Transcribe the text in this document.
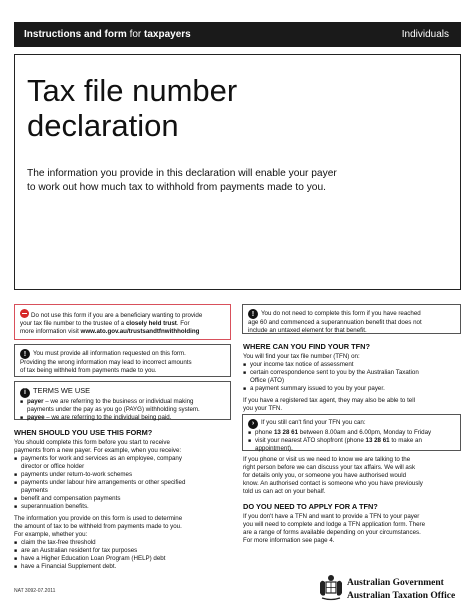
Instructions and form for taxpayers	Individuals
Tax file number
declaration
The information you provide in this declaration will enable your payer
to work out how much tax to withhold from payments made to you.
Do not use this form if you are a beneficiary wanting to provide
your tax file number to the trustee of a closely held trust. For
more information visit www.ato.gov.au/trustsandtfnwithholding
! You must provide all information requested on this form.
Providing the wrong information may lead to incorrect amounts
of tax being withheld from payments made to you.
i TERMS WE USE
■ payer – we are referring to the business or individual making
payments under the pay as you go (PAYG) withholding system.
■ payee – we are referring to the individual being paid.
WHEN SHOULD YOU USE THIS FORM?
You should complete this form before you start to receive
payments from a new payer. For example, when you receive:
■ payments for work and services as an employee, company
director or office holder
■ payments under return-to-work schemes
■ payments under labour hire arrangements or other specified
payments
■ benefit and compensation payments
■ superannuation benefits.
The information you provide on this form is used to determine
the amount of tax to be withheld from payments made to you.
For example, whether you:
■ claim the tax-free threshold
■ are an Australian resident for tax purposes
■ have a Higher Education Loan Program (HELP) debt
■ have a Financial Supplement debt.
! You do not need to complete this form if you have reached
age 60 and commenced a superannuation benefit that does not
include an untaxed element for that benefit.
WHERE CAN YOU FIND YOUR TFN?
You will find your tax file number (TFN) on:
■ your income tax notice of assessment
■ certain correspondence sent to you by the Australian Taxation
Office (ATO)
■ a payment summary issued to you by your payer.
If you have a registered tax agent, they may also be able to tell
you your TFN.
› If you still can't find your TFN you can:
■ phone 13 28 61 between 8.00am and 6.00pm, Monday to Friday
■ visit your nearest ATO shopfront (phone 13 28 61 to make an
appointment).
If you phone or visit us we need to know we are talking to the
right person before we can discuss your tax affairs. We will ask
for details only you, or someone you have authorised would
know. An authorised contact is someone who you have previously
told us can act on your behalf.
DO YOU NEED TO APPLY FOR A TFN?
If you don't have a TFN and want to provide a TFN to your payer
you will need to complete and lodge a TFN application form. There
are a range of forms available depending on your circumstances.
For more information see page 4.
NAT 3092-07.2011
Australian Government
Australian Taxation Office
